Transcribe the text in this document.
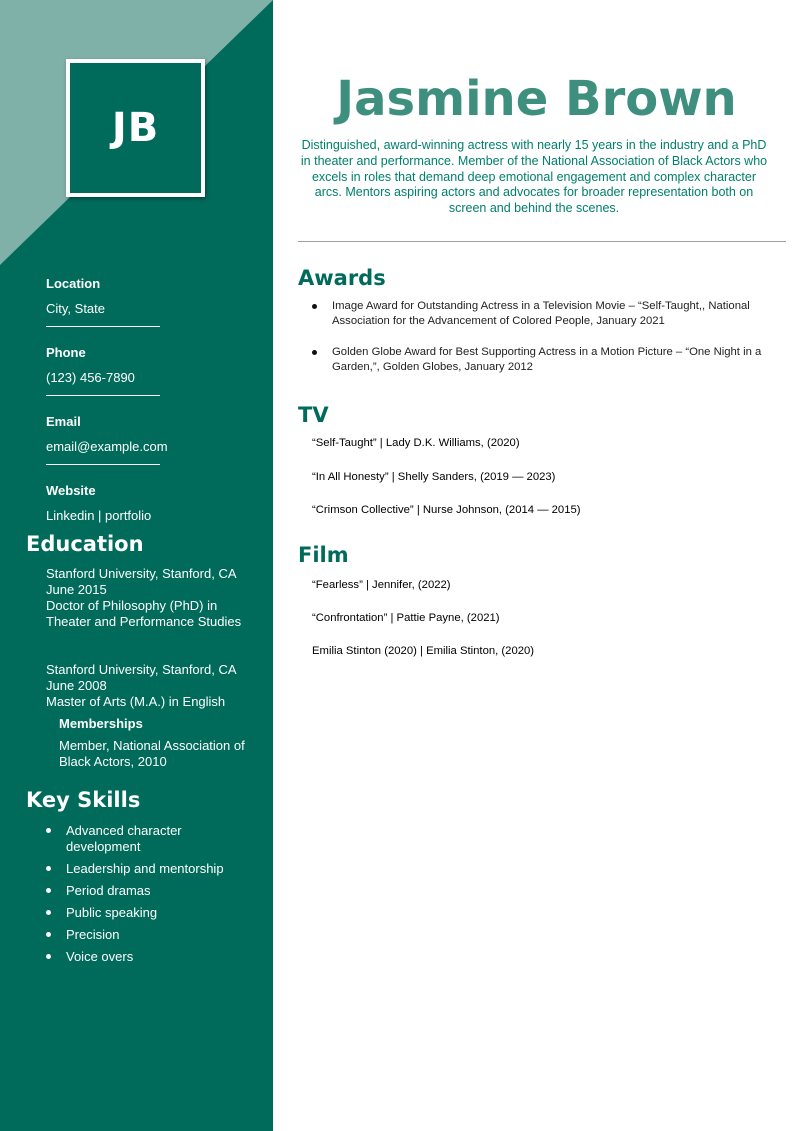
JB
Location
City, State
Phone
(123) 456-7890
Email
email@example.com
Website
Linkedin | portfolio
Education
Stanford University, Stanford, CA
June 2015
Doctor of Philosophy (PhD) in Theater and Performance Studies
Stanford University, Stanford, CA
June 2008
Master of Arts (M.A.) in English
Memberships
Member, National Association of Black Actors, 2010
Key Skills
Advanced character development
Leadership and mentorship
Period dramas
Public speaking
Precision
Voice overs
Jasmine Brown
Distinguished, award-winning actress with nearly 15 years in the industry and a PhD in theater and performance. Member of the National Association of Black Actors who excels in roles that demand deep emotional engagement and complex character arcs. Mentors aspiring actors and advocates for broader representation both on screen and behind the scenes.
Awards
Image Award for Outstanding Actress in a Television Movie – “Self-Taught,, National Association for the Advancement of Colored People, January 2021
Golden Globe Award for Best Supporting Actress in a Motion Picture – “One Night in a Garden,”, Golden Globes, January 2012
TV
“Self-Taught” | Lady D.K. Williams, (2020)
“In All Honesty” | Shelly Sanders, (2019 — 2023)
“Crimson Collective” | Nurse Johnson, (2014 — 2015)
Film
“Fearless” | Jennifer, (2022)
“Confrontation” | Pattie Payne, (2021)
Emilia Stinton (2020) | Emilia Stinton, (2020)
